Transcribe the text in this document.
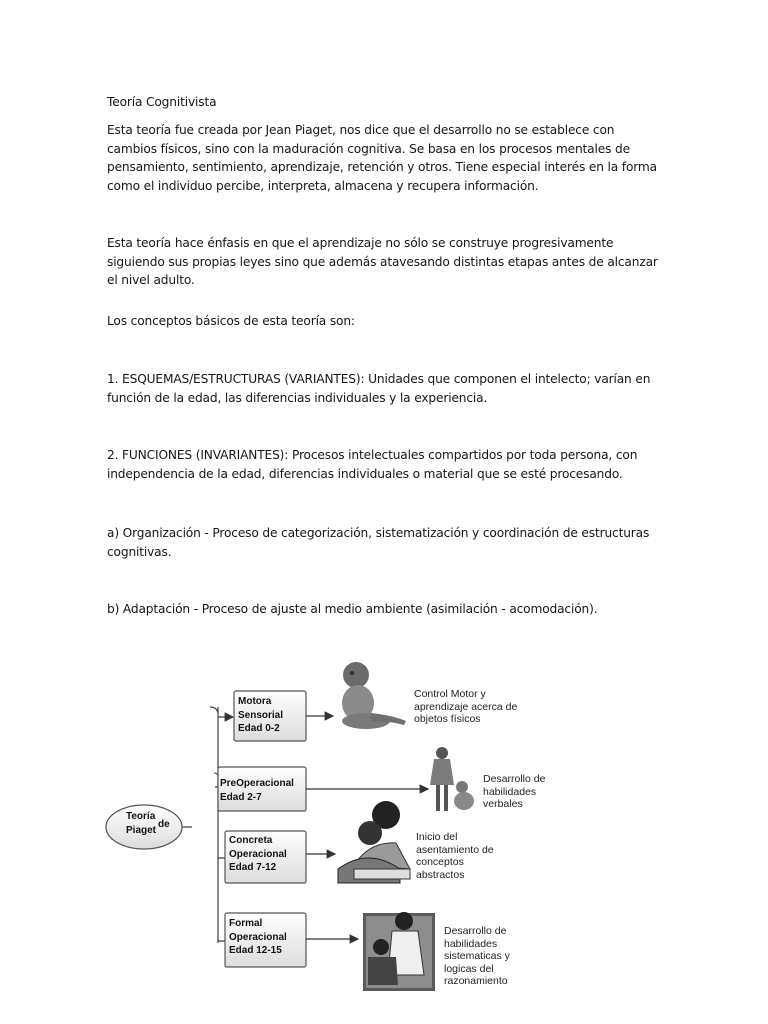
Teoría Cognitivista

Esta teoría fue creada por Jean Piaget, nos dice que el desarrollo no se establece con cambios físicos, sino con la maduración cognitiva. Se basa en los procesos mentales de pensamiento, sentimiento, aprendizaje, retención y otros. Tiene especial interés en la forma como el individuo percibe, interpreta, almacena y recupera información.

Esta teoría hace énfasis en que el aprendizaje no sólo se construye progresivamente siguiendo sus propias leyes sino que además atavesando distintas etapas antes de alcanzar el nivel adulto.

Los conceptos básicos de esta teoría son:

1. ESQUEMAS/ESTRUCTURAS (VARIANTES): Unidades que componen el intelecto; varían en función de la edad, las diferencias individuales y la experiencia.

2. FUNCIONES (INVARIANTES): Procesos intelectuales compartidos por toda persona, con independencia de la edad, diferencias individuales o material que se esté procesando.

a) Organización - Proceso de categorización, sistematización y coordinación de estructuras cognitivas.

b) Adaptación - Proceso de ajuste al medio ambiente (asimilación - acomodación).

Teoría
Piaget
de
Motora
Sensorial
Edad 0-2
PreOperacional
Edad 2-7
Concreta
Operacional
Edad 7-12
Formal
Operacional
Edad 12-15
Control Motor y aprendizaje acerca de objetos físicos
Desarrollo de habilidades verbales
Inicio del asentamiento de conceptos abstractos
Desarrollo de habilidades sistematicas y logicas del razonamiento
